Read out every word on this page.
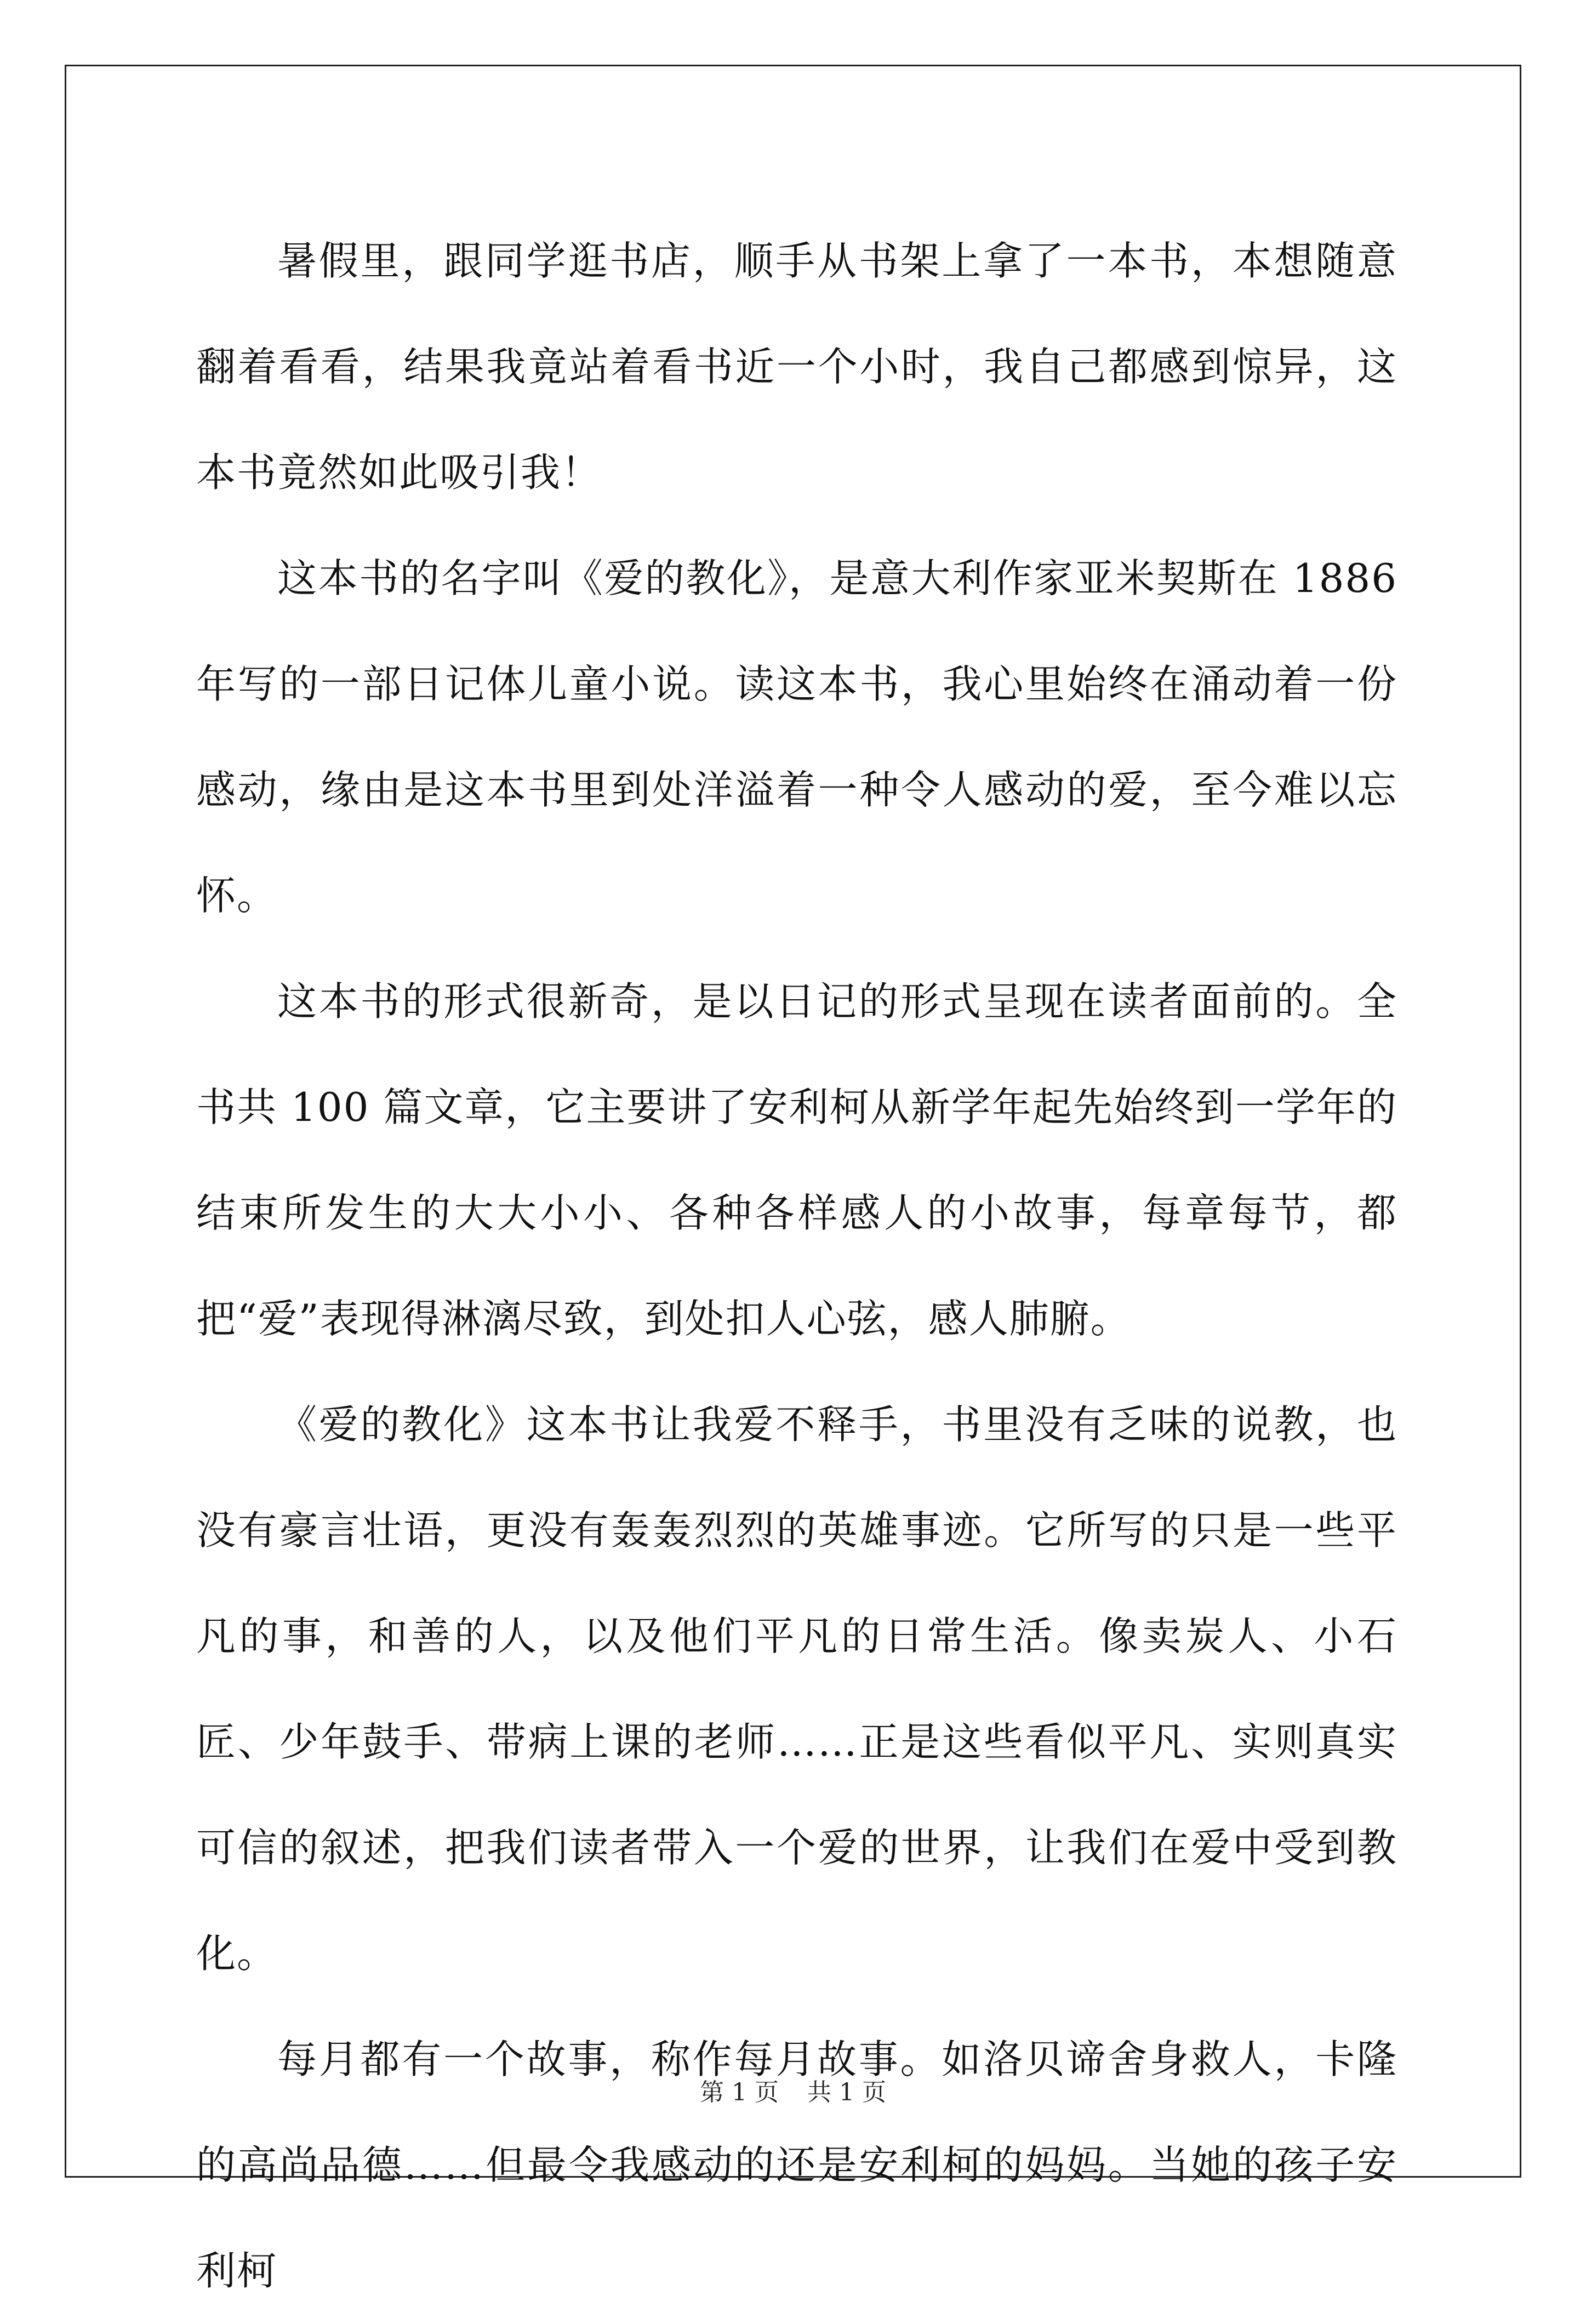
暑假里，跟同学逛书店，顺手从书架上拿了一本书，本想随意翻着看看，结果我竟站着看书近一个小时，我自己都感到惊异，这本书竟然如此吸引我！

这本书的名字叫《爱的教化》，是意大利作家亚米契斯在 1886 年写的一部日记体儿童小说。读这本书，我心里始终在涌动着一份感动，缘由是这本书里到处洋溢着一种令人感动的爱，至今难以忘怀。

这本书的形式很新奇，是以日记的形式呈现在读者面前的。全书共 100 篇文章，它主要讲了安利柯从新学年起先始终到一学年的结束所发生的大大小小、各种各样感人的小故事，每章每节，都把“爱”表现得淋漓尽致，到处扣人心弦，感人肺腑。

《爱的教化》这本书让我爱不释手，书里没有乏味的说教，也没有豪言壮语，更没有轰轰烈烈的英雄事迹。它所写的只是一些平凡的事，和善的人，以及他们平凡的日常生活。像卖炭人、小石匠、少年鼓手、带病上课的老师……正是这些看似平凡、实则真实可信的叙述，把我们读者带入一个爱的世界，让我们在爱中受到教化。

每月都有一个故事，称作每月故事。如洛贝谛舍身救人，卡隆的高尚品德……但最令我感动的还是安利柯的妈妈。当她的孩子安利柯

第 1 页 共 1 页
